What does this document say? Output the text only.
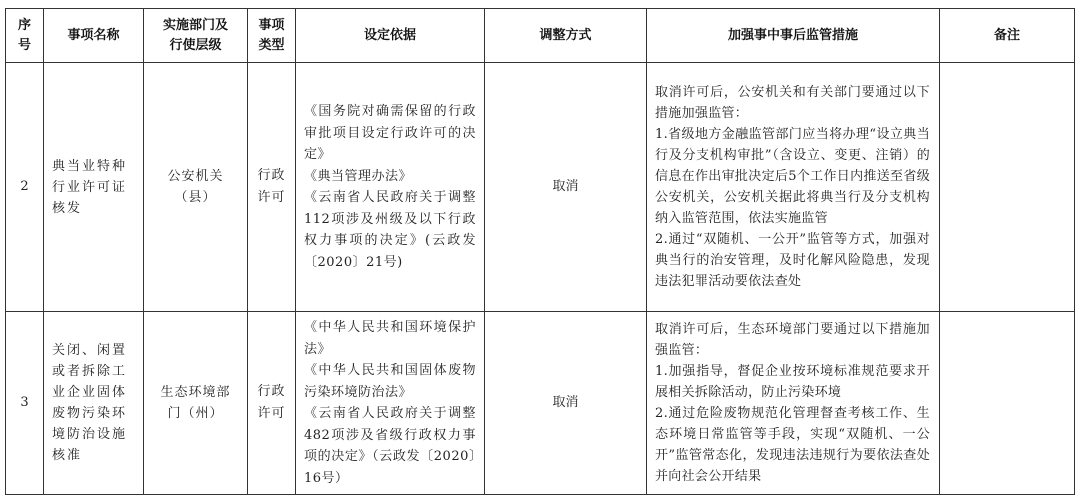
序号	事项名称	实施部门及行使层级	事项类型	设定依据	调整方式	加强事中事后监管措施	备注
2	典当业特种行业许可证核发	公安机关（县）	行政许可	《国务院对确需保留的行政审批项目设定行政许可的决定》
《典当管理办法》
《云南省人民政府关于调整112项涉及州级及以下行政权力事项的决定》(云政发〔2020〕21号)	取消	取消许可后，公安机关和有关部门要通过以下措施加强监管：
1.省级地方金融监管部门应当将办理“设立典当行及分支机构审批”（含设立、变更、注销）的信息在作出审批决定后5个工作日内推送至省级公安机关，公安机关据此将典当行及分支机构纳入监管范围，依法实施监管
2.通过“双随机、一公开”监管等方式，加强对典当行的治安管理，及时化解风险隐患，发现违法犯罪活动要依法查处	

3	关闭、闲置或者拆除工业企业固体废物污染环境防治设施核准	生态环境部门（州）	行政许可	《中华人民共和国环境保护法》
《中华人民共和国固体废物污染环境防治法》
《云南省人民政府关于调整482项涉及省级行政权力事项的决定》（云政发〔2020〕16号）	取消	取消许可后，生态环境部门要通过以下措施加强监管：
1.加强指导，督促企业按环境标准规范要求开展相关拆除活动，防止污染环境
2.通过危险废物规范化管理督查考核工作、生态环境日常监管等手段，实现“双随机、一公开”监管常态化，发现违法违规行为要依法查处并向社会公开结果	
